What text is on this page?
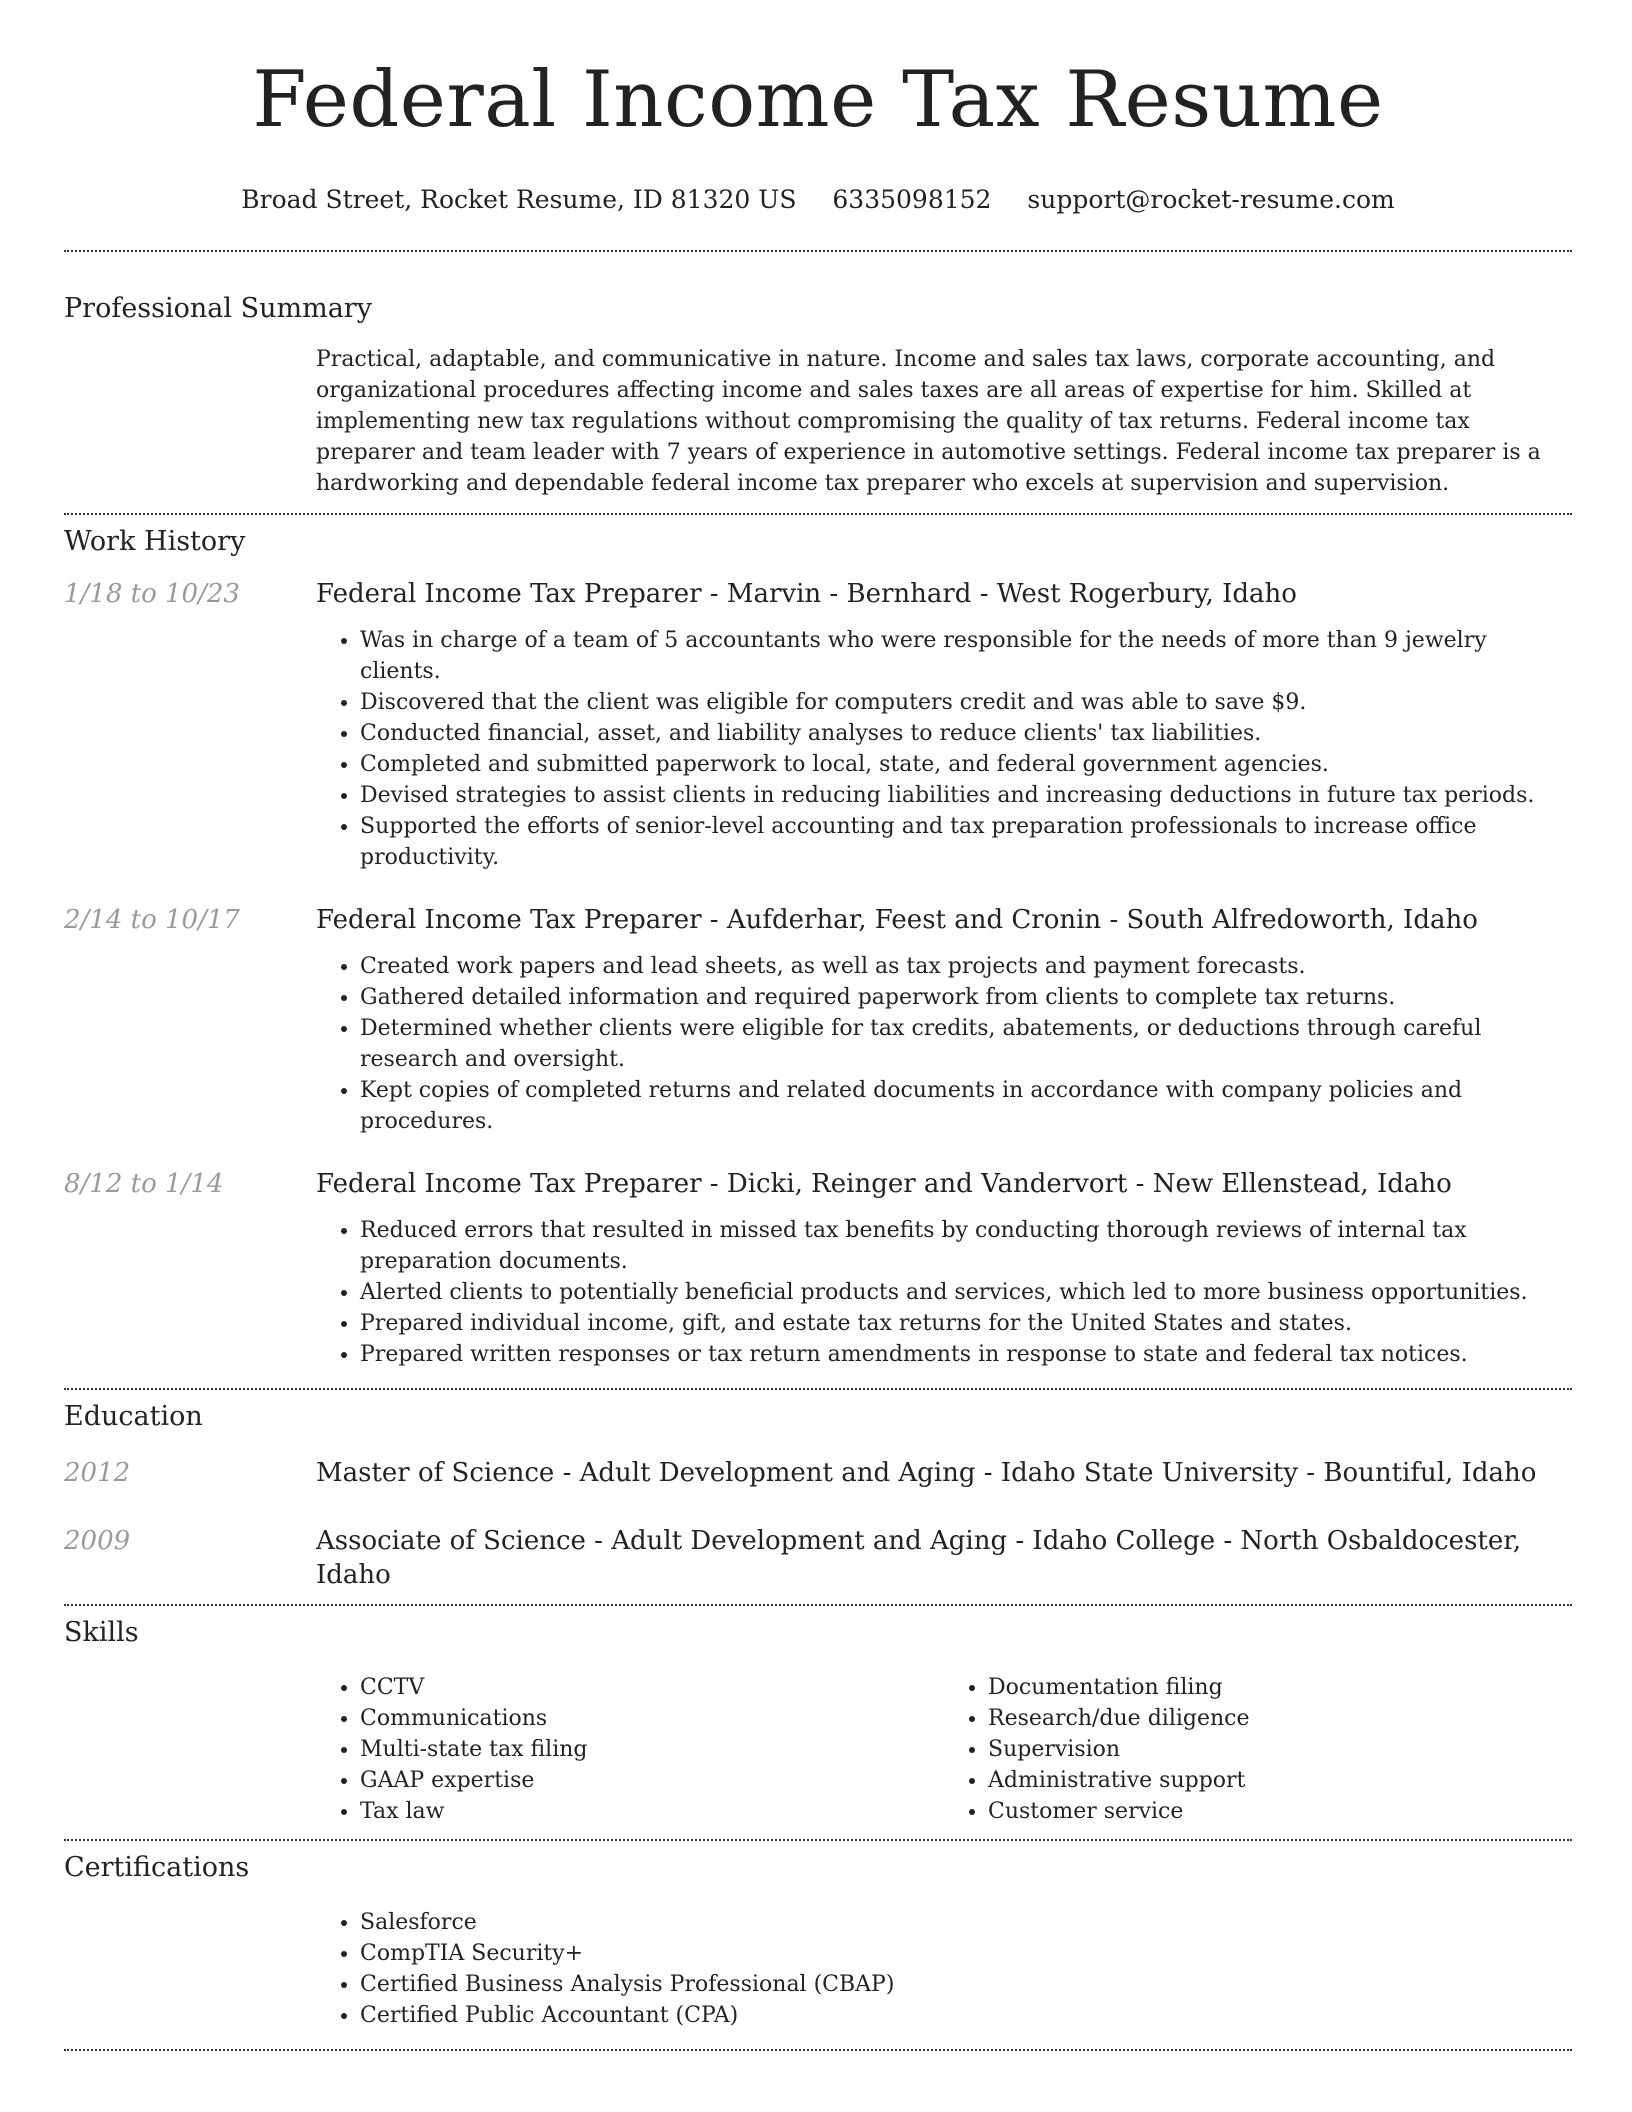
Federal Income Tax Resume
Broad Street, Rocket Resume, ID 81320 US 6335098152 support@rocket-resume.com
Professional Summary

Practical, adaptable, and communicative in nature. Income and sales tax laws, corporate accounting, and organizational procedures affecting income and sales taxes are all areas of expertise for him. Skilled at implementing new tax regulations without compromising the quality of tax returns. Federal income tax preparer and team leader with 7 years of experience in automotive settings. Federal income tax preparer is a hardworking and dependable federal income tax preparer who excels at supervision and supervision.

Work History
1/18 to 10/23	Federal Income Tax Preparer - Marvin - Bernhard - West Rogerbury, Idaho
• Was in charge of a team of 5 accountants who were responsible for the needs of more than 9 jewelry clients.
• Discovered that the client was eligible for computers credit and was able to save $9.
• Conducted financial, asset, and liability analyses to reduce clients' tax liabilities.
• Completed and submitted paperwork to local, state, and federal government agencies.
• Devised strategies to assist clients in reducing liabilities and increasing deductions in future tax periods.
• Supported the efforts of senior-level accounting and tax preparation professionals to increase office productivity.
2/14 to 10/17	Federal Income Tax Preparer - Aufderhar, Feest and Cronin - South Alfredoworth, Idaho
• Created work papers and lead sheets, as well as tax projects and payment forecasts.
• Gathered detailed information and required paperwork from clients to complete tax returns.
• Determined whether clients were eligible for tax credits, abatements, or deductions through careful research and oversight.
• Kept copies of completed returns and related documents in accordance with company policies and procedures.
8/12 to 1/14	Federal Income Tax Preparer - Dicki, Reinger and Vandervort - New Ellenstead, Idaho
• Reduced errors that resulted in missed tax benefits by conducting thorough reviews of internal tax preparation documents.
• Alerted clients to potentially beneficial products and services, which led to more business opportunities.
• Prepared individual income, gift, and estate tax returns for the United States and states.
• Prepared written responses or tax return amendments in response to state and federal tax notices.
Education
2012	Master of Science - Adult Development and Aging - Idaho State University - Bountiful, Idaho
2009	Associate of Science - Adult Development and Aging - Idaho College - North Osbaldocester, Idaho
Skills
• CCTV
• Communications
• Multi-state tax filing
• GAAP expertise
• Tax law
• Documentation filing
• Research/due diligence
• Supervision
• Administrative support
• Customer service
Certifications
• Salesforce
• CompTIA Security+
• Certified Business Analysis Professional (CBAP)
• Certified Public Accountant (CPA)
